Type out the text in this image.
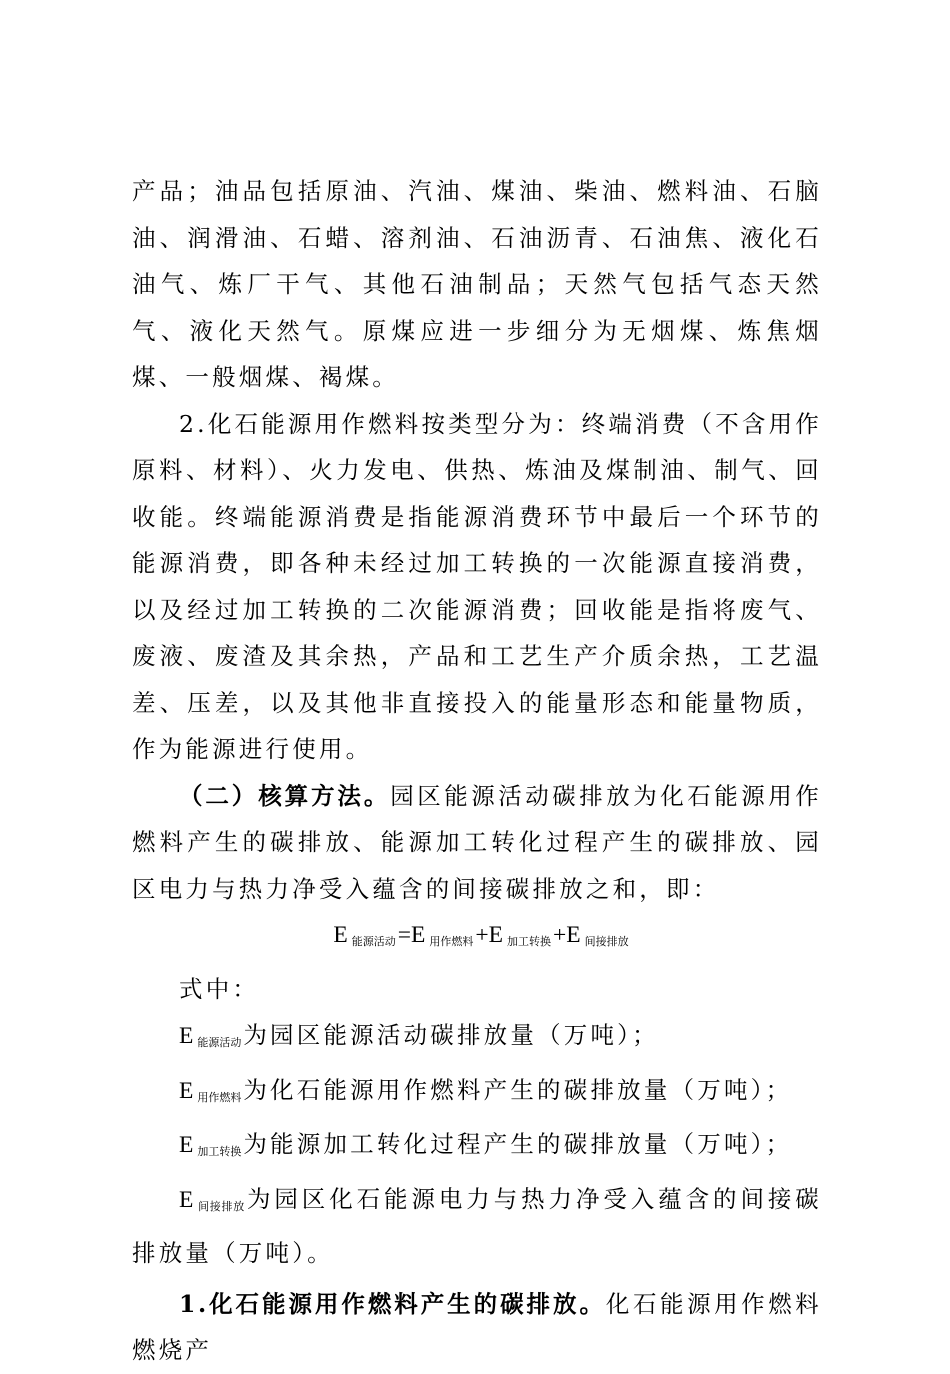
产品；油品包括原油、汽油、煤油、柴油、燃料油、石脑油、润滑油、石蜡、溶剂油、石油沥青、石油焦、液化石油气、炼厂干气、其他石油制品；天然气包括气态天然气、液化天然气。原煤应进一步细分为无烟煤、炼焦烟煤、一般烟煤、褐煤。

2.化石能源用作燃料按类型分为：终端消费（不含用作原料、材料）、火力发电、供热、炼油及煤制油、制气、回收能。终端能源消费是指能源消费环节中最后一个环节的能源消费，即各种未经过加工转换的一次能源直接消费，以及经过加工转换的二次能源消费；回收能是指将废气、废液、废渣及其余热，产品和工艺生产介质余热，工艺温差、压差，以及其他非直接投入的能量形态和能量物质，作为能源进行使用。

（二）核算方法。园区能源活动碳排放为化石能源用作燃料产生的碳排放、能源加工转化过程产生的碳排放、园区电力与热力净受入蕴含的间接碳排放之和，即：

E $_{能源活动}$=E $_{用作燃料}$+E $_{加工转换}$+E $_{间接排放}$

式中：

E $_{能源活动}$为园区能源活动碳排放量（万吨）；

E $_{用作燃料}$为化石能源用作燃料产生的碳排放量（万吨）；

E $_{加工转换}$为能源加工转化过程产生的碳排放量（万吨）；

E $_{间接排放}$为园区化石能源电力与热力净受入蕴含的间接碳排放量（万吨）。

1.化石能源用作燃料产生的碳排放。化石能源用作燃料燃烧产
